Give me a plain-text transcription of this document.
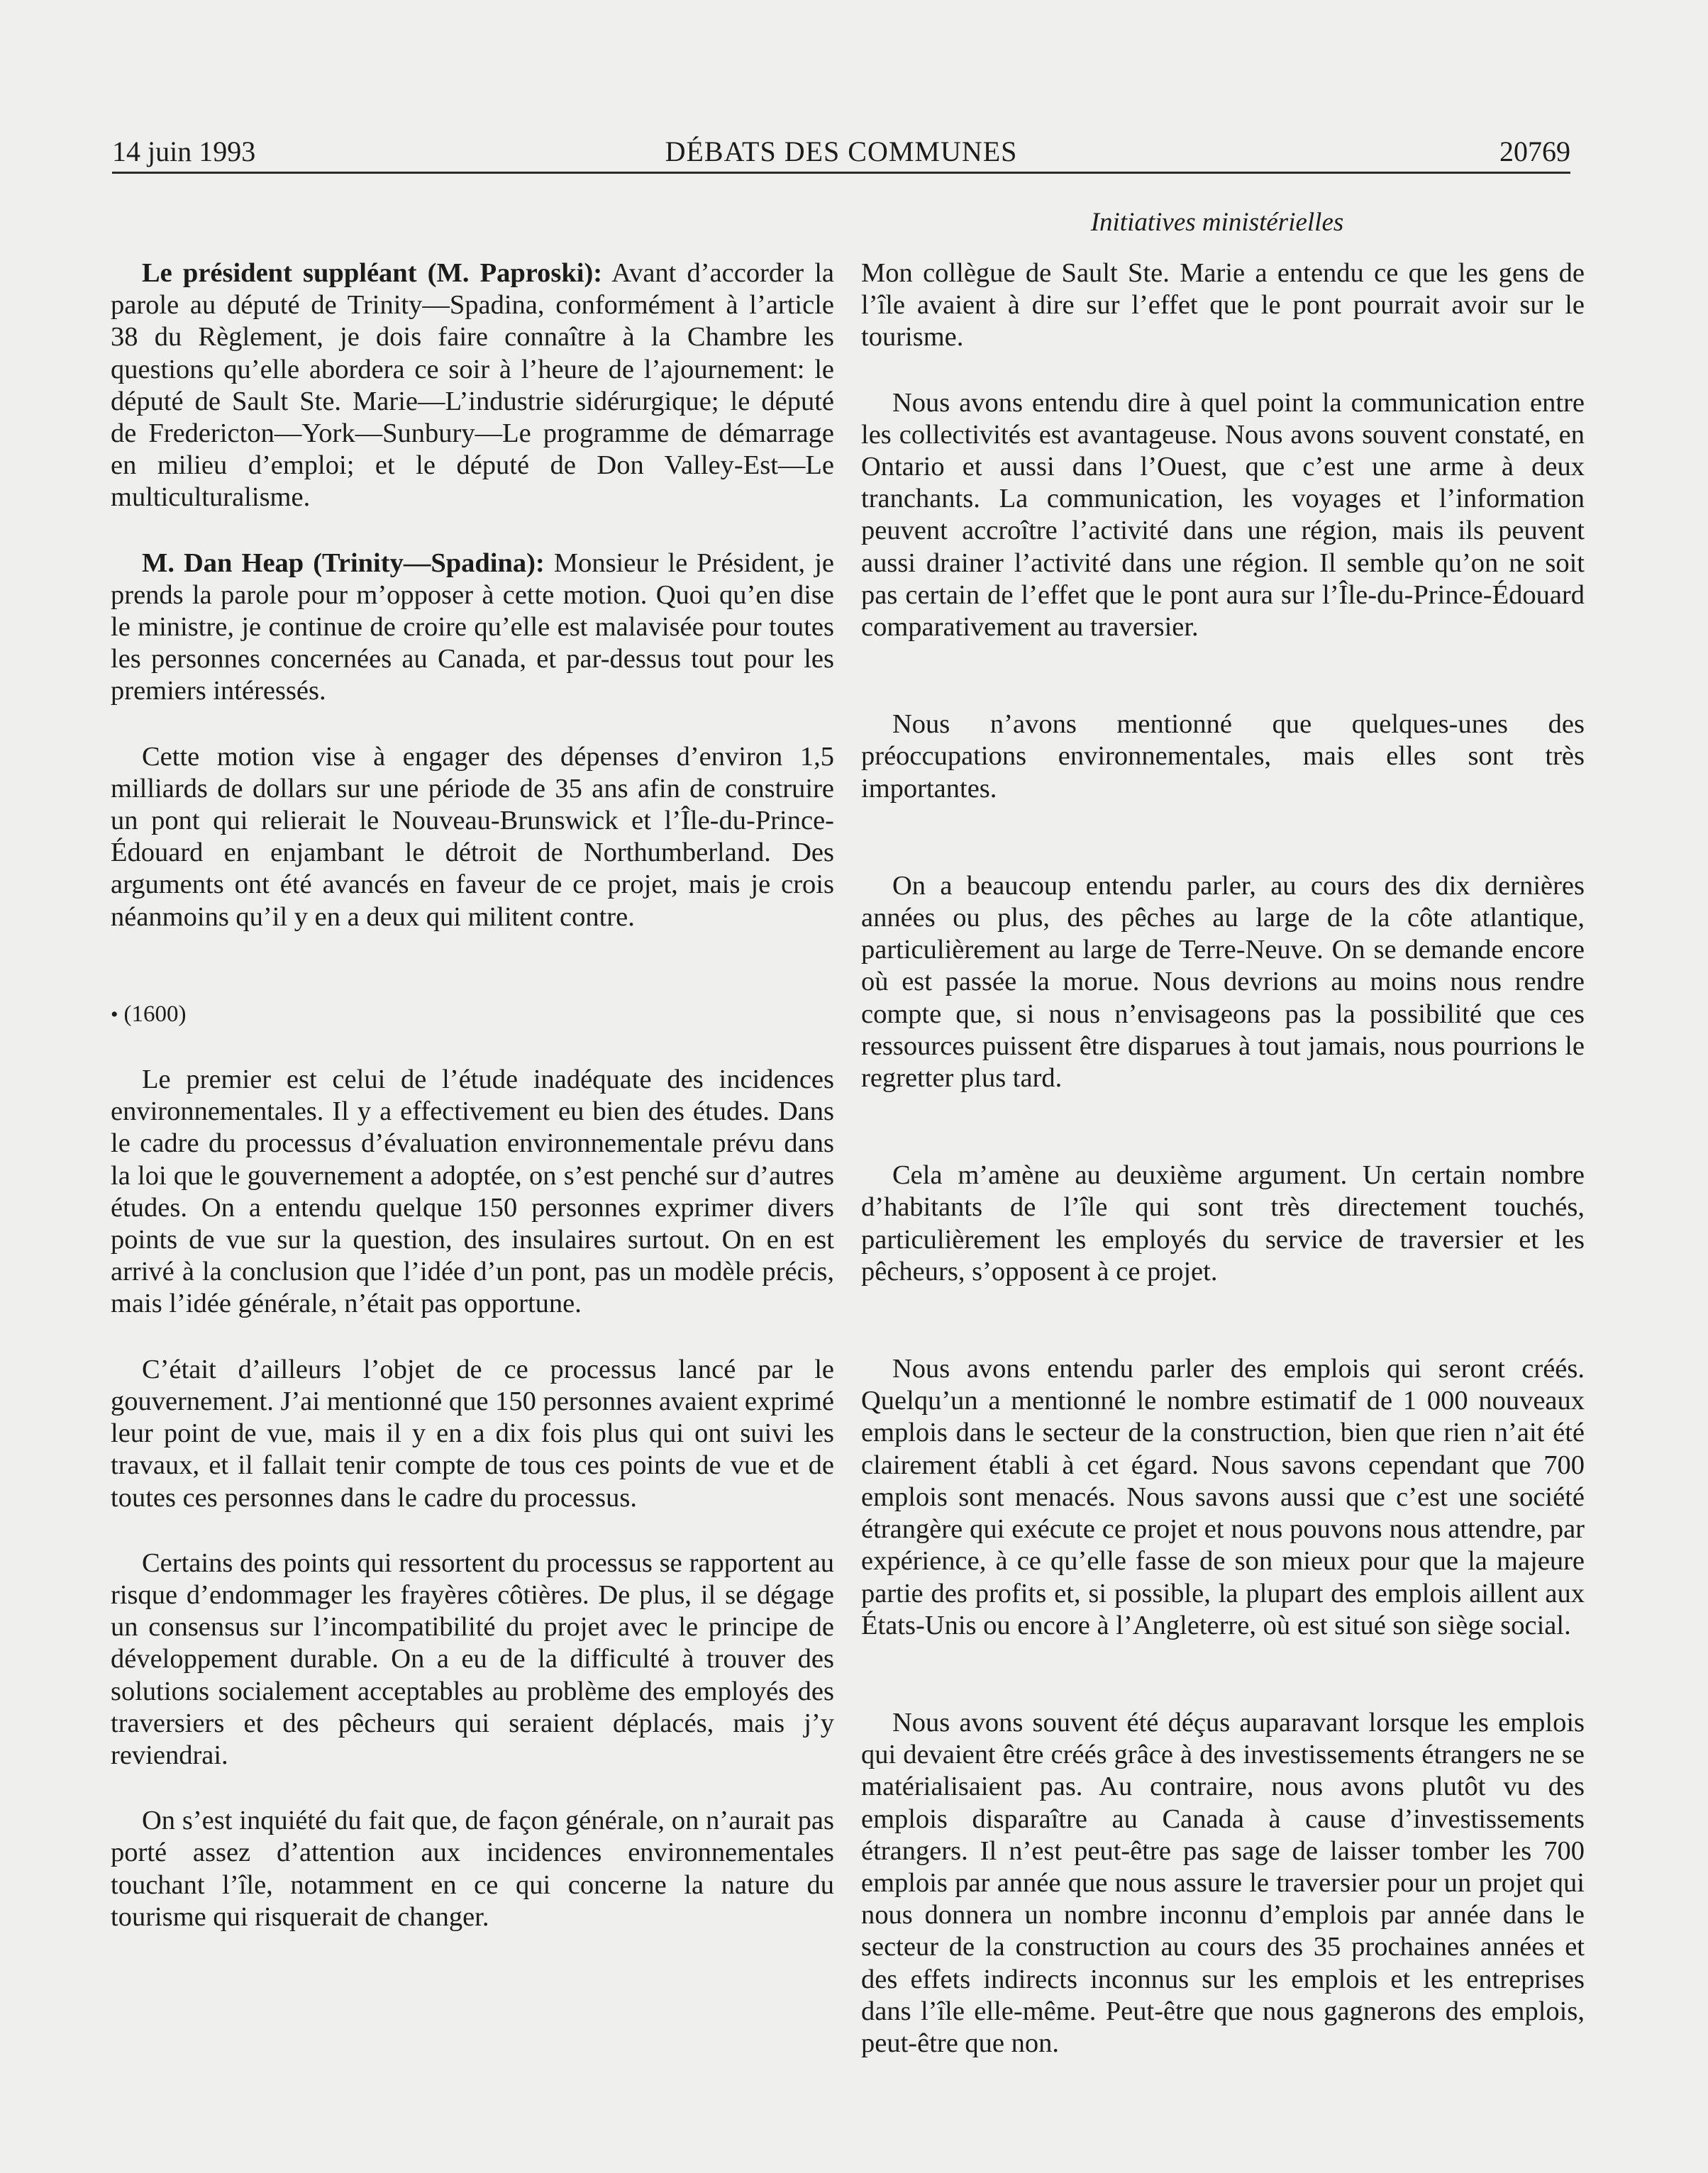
14 juin 1993	DÉBATS DES COMMUNES	20769
Initiatives ministérielles

Le président suppléant (M. Paproski): Avant d’accorder la parole au député de Trinity—Spadina, conformément à l’article 38 du Règlement, je dois faire connaître à la Chambre les questions qu’elle abordera ce soir à l’heure de l’ajournement: le député de Sault Ste. Marie—L’industrie sidérurgique; le député de Fredericton—York—Sunbury—Le programme de démarrage en milieu d’emploi; et le député de Don Valley-Est—Le multiculturalisme.

M. Dan Heap (Trinity—Spadina): Monsieur le Président, je prends la parole pour m’opposer à cette motion. Quoi qu’en dise le ministre, je continue de croire qu’elle est malavisée pour toutes les personnes concernées au Canada, et par-dessus tout pour les premiers intéressés.

Cette motion vise à engager des dépenses d’environ 1,5 milliards de dollars sur une période de 35 ans afin de construire un pont qui relierait le Nouveau-Brunswick et l’Île-du-Prince-Édouard en enjambant le détroit de Northumberland. Des arguments ont été avancés en faveur de ce projet, mais je crois néanmoins qu’il y en a deux qui militent contre.

• (1600)

Le premier est celui de l’étude inadéquate des incidences environnementales. Il y a effectivement eu bien des études. Dans le cadre du processus d’évaluation environnementale prévu dans la loi que le gouvernement a adoptée, on s’est penché sur d’autres études. On a entendu quelque 150 personnes exprimer divers points de vue sur la question, des insulaires surtout. On en est arrivé à la conclusion que l’idée d’un pont, pas un modèle précis, mais l’idée générale, n’était pas opportune.

C’était d’ailleurs l’objet de ce processus lancé par le gouvernement. J’ai mentionné que 150 personnes avaient exprimé leur point de vue, mais il y en a dix fois plus qui ont suivi les travaux, et il fallait tenir compte de tous ces points de vue et de toutes ces personnes dans le cadre du processus.

Certains des points qui ressortent du processus se rapportent au risque d’endommager les frayères côtières. De plus, il se dégage un consensus sur l’incompatibilité du projet avec le principe de développement durable. On a eu de la difficulté à trouver des solutions socialement acceptables au problème des employés des traversiers et des pêcheurs qui seraient déplacés, mais j’y reviendrai.

On s’est inquiété du fait que, de façon générale, on n’aurait pas porté assez d’attention aux incidences environnementales touchant l’île, notamment en ce qui concerne la nature du tourisme qui risquerait de changer.

Mon collègue de Sault Ste. Marie a entendu ce que les gens de l’île avaient à dire sur l’effet que le pont pourrait avoir sur le tourisme.

Nous avons entendu dire à quel point la communication entre les collectivités est avantageuse. Nous avons souvent constaté, en Ontario et aussi dans l’Ouest, que c’est une arme à deux tranchants. La communication, les voyages et l’information peuvent accroître l’activité dans une région, mais ils peuvent aussi drainer l’activité dans une région. Il semble qu’on ne soit pas certain de l’effet que le pont aura sur l’Île-du-Prince-Édouard comparativement au traversier.

Nous n’avons mentionné que quelques-unes des préoccupations environnementales, mais elles sont très importantes.

On a beaucoup entendu parler, au cours des dix dernières années ou plus, des pêches au large de la côte atlantique, particulièrement au large de Terre-Neuve. On se demande encore où est passée la morue. Nous devrions au moins nous rendre compte que, si nous n’envisageons pas la possibilité que ces ressources puissent être disparues à tout jamais, nous pourrions le regretter plus tard.

Cela m’amène au deuxième argument. Un certain nombre d’habitants de l’île qui sont très directement touchés, particulièrement les employés du service de traversier et les pêcheurs, s’opposent à ce projet.

Nous avons entendu parler des emplois qui seront créés. Quelqu’un a mentionné le nombre estimatif de 1 000 nouveaux emplois dans le secteur de la construction, bien que rien n’ait été clairement établi à cet égard. Nous savons cependant que 700 emplois sont menacés. Nous savons aussi que c’est une société étrangère qui exécute ce projet et nous pouvons nous attendre, par expérience, à ce qu’elle fasse de son mieux pour que la majeure partie des profits et, si possible, la plupart des emplois aillent aux États-Unis ou encore à l’Angleterre, où est situé son siège social.

Nous avons souvent été déçus auparavant lorsque les emplois qui devaient être créés grâce à des investissements étrangers ne se matérialisaient pas. Au contraire, nous avons plutôt vu des emplois disparaître au Canada à cause d’investissements étrangers. Il n’est peut-être pas sage de laisser tomber les 700 emplois par année que nous assure le traversier pour un projet qui nous donnera un nombre inconnu d’emplois par année dans le secteur de la construction au cours des 35 prochaines années et des effets indirects inconnus sur les emplois et les entreprises dans l’île elle-même. Peut-être que nous gagnerons des emplois, peut-être que non.
